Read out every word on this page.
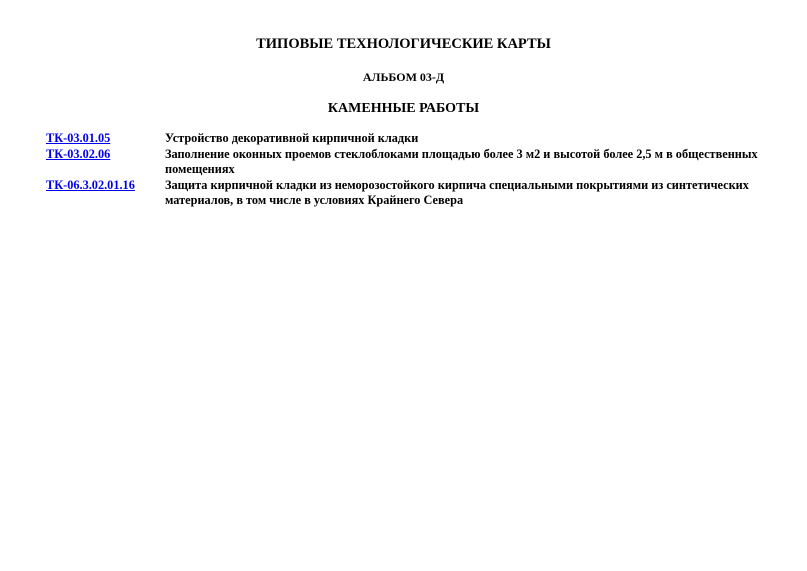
ТИПОВЫЕ ТЕХНОЛОГИЧЕСКИЕ КАРТЫ
АЛЬБОМ 03-Д
КАМЕННЫЕ РАБОТЫ
ТК-03.01.05	Устройство декоративной кирпичной кладки
ТК-03.02.06	Заполнение оконных проемов стеклоблоками площадью более 3 м2 и высотой более 2,5 м в общественных
помещениях
ТК-06.3.02.01.16	Защита кирпичной кладки из неморозостойкого кирпича специальными покрытиями из синтетических
материалов, в том числе в условиях Крайнего Севера
